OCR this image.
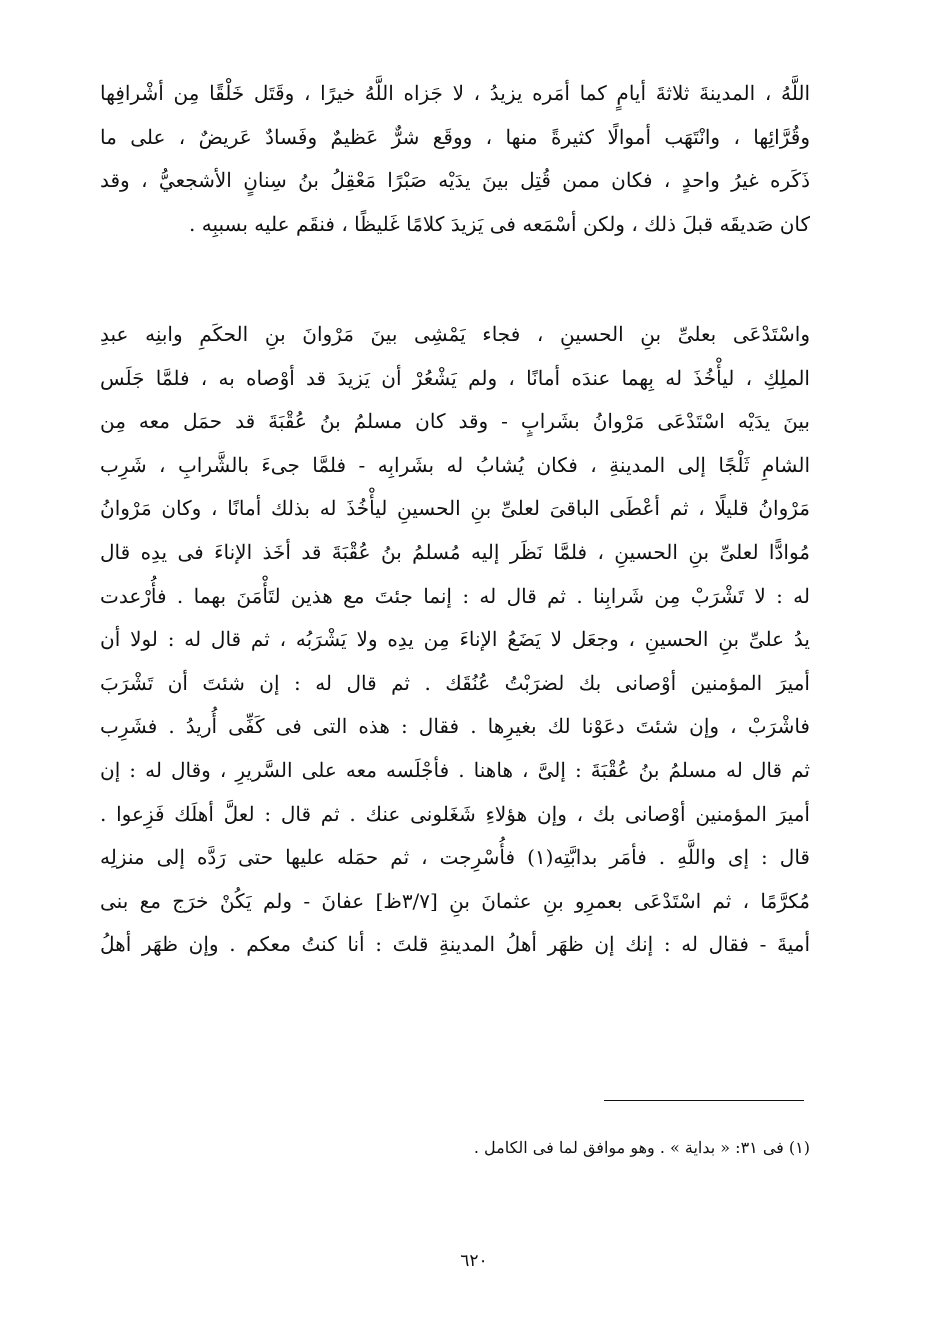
اللَّهُ ، المدينةَ ثلاثةَ أيامٍ كما أمَره يزيدُ ، لا جَزاه اللَّهُ خيرًا ، وقَتَل خَلْقًا مِن أشْرافِها
وقُرَّائِها ، وانْتَهَب أموالًا كثيرةً منها ، ووقَع شرٌّ عَظيمٌ وفَسادٌ عَريضٌ ، على ما
ذَكَره غيرُ واحدٍ ، فكان ممن قُتِل بينَ يدَيْه صَبْرًا مَعْقِلُ بنُ سِنانٍ الأشجعيُّ ، وقد
كان صَديقَه قبلَ ذلك ، ولكن أسْمَعه فى يَزيدَ كلامًا غَليظًا ، فنقَم عليه بسببِه .
واسْتَدْعَى بعلىِّ بنِ الحسينِ ، فجاء يَمْشِى بينَ مَرْوانَ بنِ الحكَمِ وابنِه عبدِ
الملِكِ ، ليأْخُذَ له بِهما عندَه أمانًا ، ولم يَشْعُرْ أن يَزيدَ قد أوْصاه به ، فلمَّا جَلَس
بينَ يدَيْه اسْتَدْعَى مَرْوانُ بشَرابٍ - وقد كان مسلمُ بنُ عُقْبَةَ قد حمَل معه مِن
الشامِ ثَلْجًا إلى المدينةِ ، فكان يُشابُ له بشَرابِه - فلمَّا جىءَ بالشَّرابِ ، شَرِب
مَرْوانُ قليلًا ، ثم أعْطَى الباقىَ لعلىِّ بنِ الحسينِ ليأْخُذَ له بذلك أمانًا ، وكان مَرْوانُ
مُوادًّا لعلىِّ بنِ الحسينِ ، فلمَّا نَظَر إليه مُسلمُ بنُ عُقْبَةَ قد أخَذ الإناءَ فى يدِه قال
له : لا تَشْرَبْ مِن شَرابِنا . ثم قال له : إنما جئتَ مع هذين لتَأْمَنَ بهما . فأُرْعدت
يدُ علىِّ بنِ الحسينِ ، وجعَل لا يَضَعُ الإناءَ مِن يدِه ولا يَشْرَبُه ، ثم قال له : لولا أن
أميرَ المؤمنين أوْصانى بك لضرَبْتُ عُنُقَك . ثم قال له : إن شئتَ أن تَشْرَبَ
فاشْرَبْ ، وإن شئتَ دعَوْنا لك بغيرِها . فقال : هذه التى فى كَفِّى أُريدُ . فشَرِب
ثم قال له مسلمُ بنُ عُقْبَةَ : إلىَّ ، هاهنا . فأجْلَسه معه على السَّريرِ ، وقال له : إن
أميرَ المؤمنين أوْصانى بك ، وإن هؤلاءِ شَغَلونى عنك . ثم قال : لعلَّ أهلَك فَزِعوا .
قال : إى واللَّهِ . فأمَر بدابَّتِه(١) فأُسْرِجت ، ثم حمَله عليها حتى رَدَّه إلى منزلِه
مُكرَّمًا ، ثم اسْتَدْعَى بعمرِو بنِ عثمانَ بنِ [٣/٧ظ] عفانَ - ولم يَكُنْ خرَج مع بنى
أميةَ - فقال له : إنك إن ظهَر أهلُ المدينةِ قلتَ : أنا كنتُ معكم . وإن ظهَر أهلُ
(١) فى ٣١: « بداية » . وهو موافق لما فى الكامل .
٦٢٠
